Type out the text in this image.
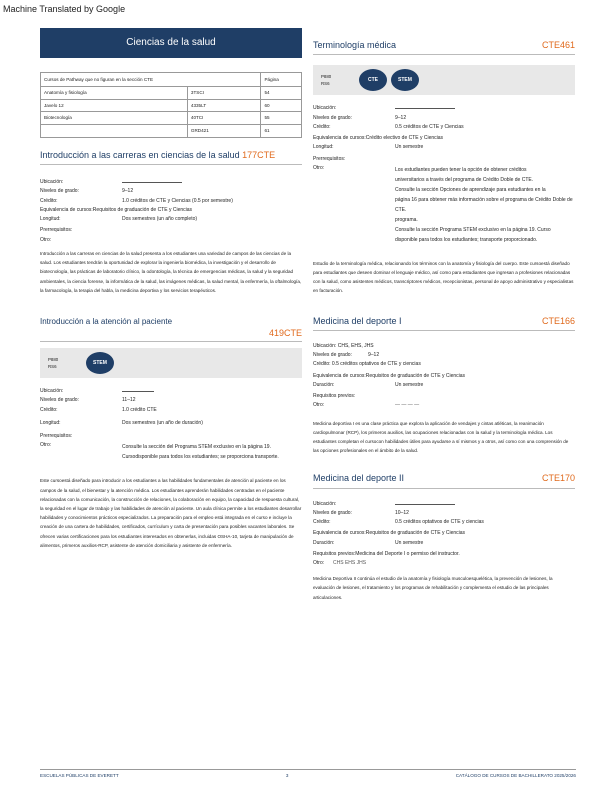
Machine Translated by Google
Ciencias de la salud
Cursos de Pathway que no figuran en la sección CTE		Página
Anatomía y fisiología	3TSCI	54
Javelo 12	4335LT	60
Biotecnología	40TCI	55
	GRD421	61
Introducción a las carreras en ciencias de la salud 177CTE
Ubicación:
Niveles de grado:	9–12
Crédito:	1.0 créditos de CTE y Ciencias (0.5 por semestre)
Equivalencia de cursos:Requisitos de graduación de CTE y Ciencias
Longitud:	Dos semestres (un año completo)
Prerrequisitos:
Otro:

Introducción a las carreras en ciencias de la salud presenta a los estudiantes una variedad de campos de las ciencias de la salud. Los estudiantes tendrán la oportunidad de explorar la ingeniería biomédica, la investigación y el desarrollo de biotecnología, las prácticas de laboratorio clínico, la odontología, la técnica de emergencias médicas, la salud y la seguridad ambientales, la ciencia forense, la informática de la salud, las imágenes médicas, la salud mental, la enfermería, la oftalmología, la farmacología, la terapia del habla, la medicina deportiva y los servicios terapéuticos.

Introducción a la atención al paciente
419CTE
P880
RS6
STEM
Ubicación:
Niveles de grado:	11–12
Crédito:	1.0 crédito CTE
Longitud:	Dos semestres (un año de duración)
Prerrequisitos:
Otro:	Consulte la sección del Programa STEM exclusivo en la página 19.
Cursodisponible para todos los estudiantes; se proporciona transporte.

Este cursoestá diseñado para introducir a los estudiantes a las habilidades fundamentales de atención al paciente en los campos de la salud, el bienestar y la atención médica. Los estudiantes aprenderán habilidades centradas en el paciente relacionadas con la comunicación, la construcción de relaciones, la colaboración en equipo, la capacidad de respuesta cultural, la seguridad en el lugar de trabajo y las habilidades de atención al paciente. Un aula clínica permite a los estudiantes desarrollar habilidades y conocimientos prácticos especializados. La preparación para el empleo está integrada en el curso e incluye la creación de una cartera de habilidades, certificados, currículum y carta de presentación para posibles vacantes laborales. Se ofrecen varias certificaciones para los estudiantes interesados en obtenerlas, incluidas OSHA-10, tarjeta de manipulación de alimentos, primeros auxilios-RCP, asistente de atención domiciliaria y asistente de enfermería.

Terminología médica	CTE461
P880
RS6
CTE	STEM
Ubicación:
Niveles de grado:	9–12
Crédito:	0.5 créditos de CTE y Ciencias
Equivalencia de cursos:Crédito electivo de CTE y Ciencias
Longitud:	Un semestre
Prerrequisitos:
Otro:	Los estudiantes pueden tener la opción de obtener créditos
universitarios a través del programa de Crédito Doble de CTE.
Consulte la sección Opciones de aprendizaje para estudiantes en la
página 16 para obtener más información sobre el programa de Crédito Doble de CTE.
programa.
Consulte la sección Programa STEM exclusivo en la página 19. Curso
disponible para todos los estudiantes; transporte proporcionado.

Estudio de la terminología médica, relacionando los términos con la anatomía y fisiología del cuerpo. Este cursoestá diseñado para estudiantes que deseen dominar el lenguaje médico, así como para estudiantes que ingresan a profesiones relacionadas con la salud, como asistentes médicos, transcriptores médicos, recepcionistas, personal de apoyo administrativo y especialistas en facturación.

Medicina del deporte I	CTE166
Ubicación: CHS, EHS, JHS
Niveles de grado:	9–12
Crédito: 0.5 créditos optativos de CTE y ciencias
Equivalencia de cursos:Requisitos de graduación de CTE y Ciencias
Duración:	Un semestre
Requisitos previos:
Otro:	— — — —

Medicina deportiva I es una clase práctica que explora la aplicación de vendajes y cintas atléticas, la reanimación cardiopulmonar (RCP), los primeros auxilios, las ocupaciones relacionadas con la salud y la terminología médica. Los estudiantes completan el cursocon habilidades útiles para ayudarse a sí mismos y a otros, así como con una comprensión de las opciones profesionales en el ámbito de la salud.

Medicina del deporte II	CTE170
Ubicación:
Niveles de grado:	10–12
Crédito:	0.5 créditos optativos de CTE y ciencias
Equivalencia de cursos:Requisitos de graduación de CTE y Ciencias
Duración:	Un semestre
Requisitos previos:Medicina del Deporte I o permiso del instructor.
Otro:	CHS EHS JHS

Medicina Deportiva II continúa el estudio de la anatomía y fisiología musculoesquelética, la prevención de lesiones, la evaluación de lesiones, el tratamiento y los programas de rehabilitación y complementa el estudio de las principales articulaciones.

ESCUELAS PÚBLICAS DE EVERETT	3	CATÁLOGO DE CURSOS DE BACHILLERATO 2025/2026
